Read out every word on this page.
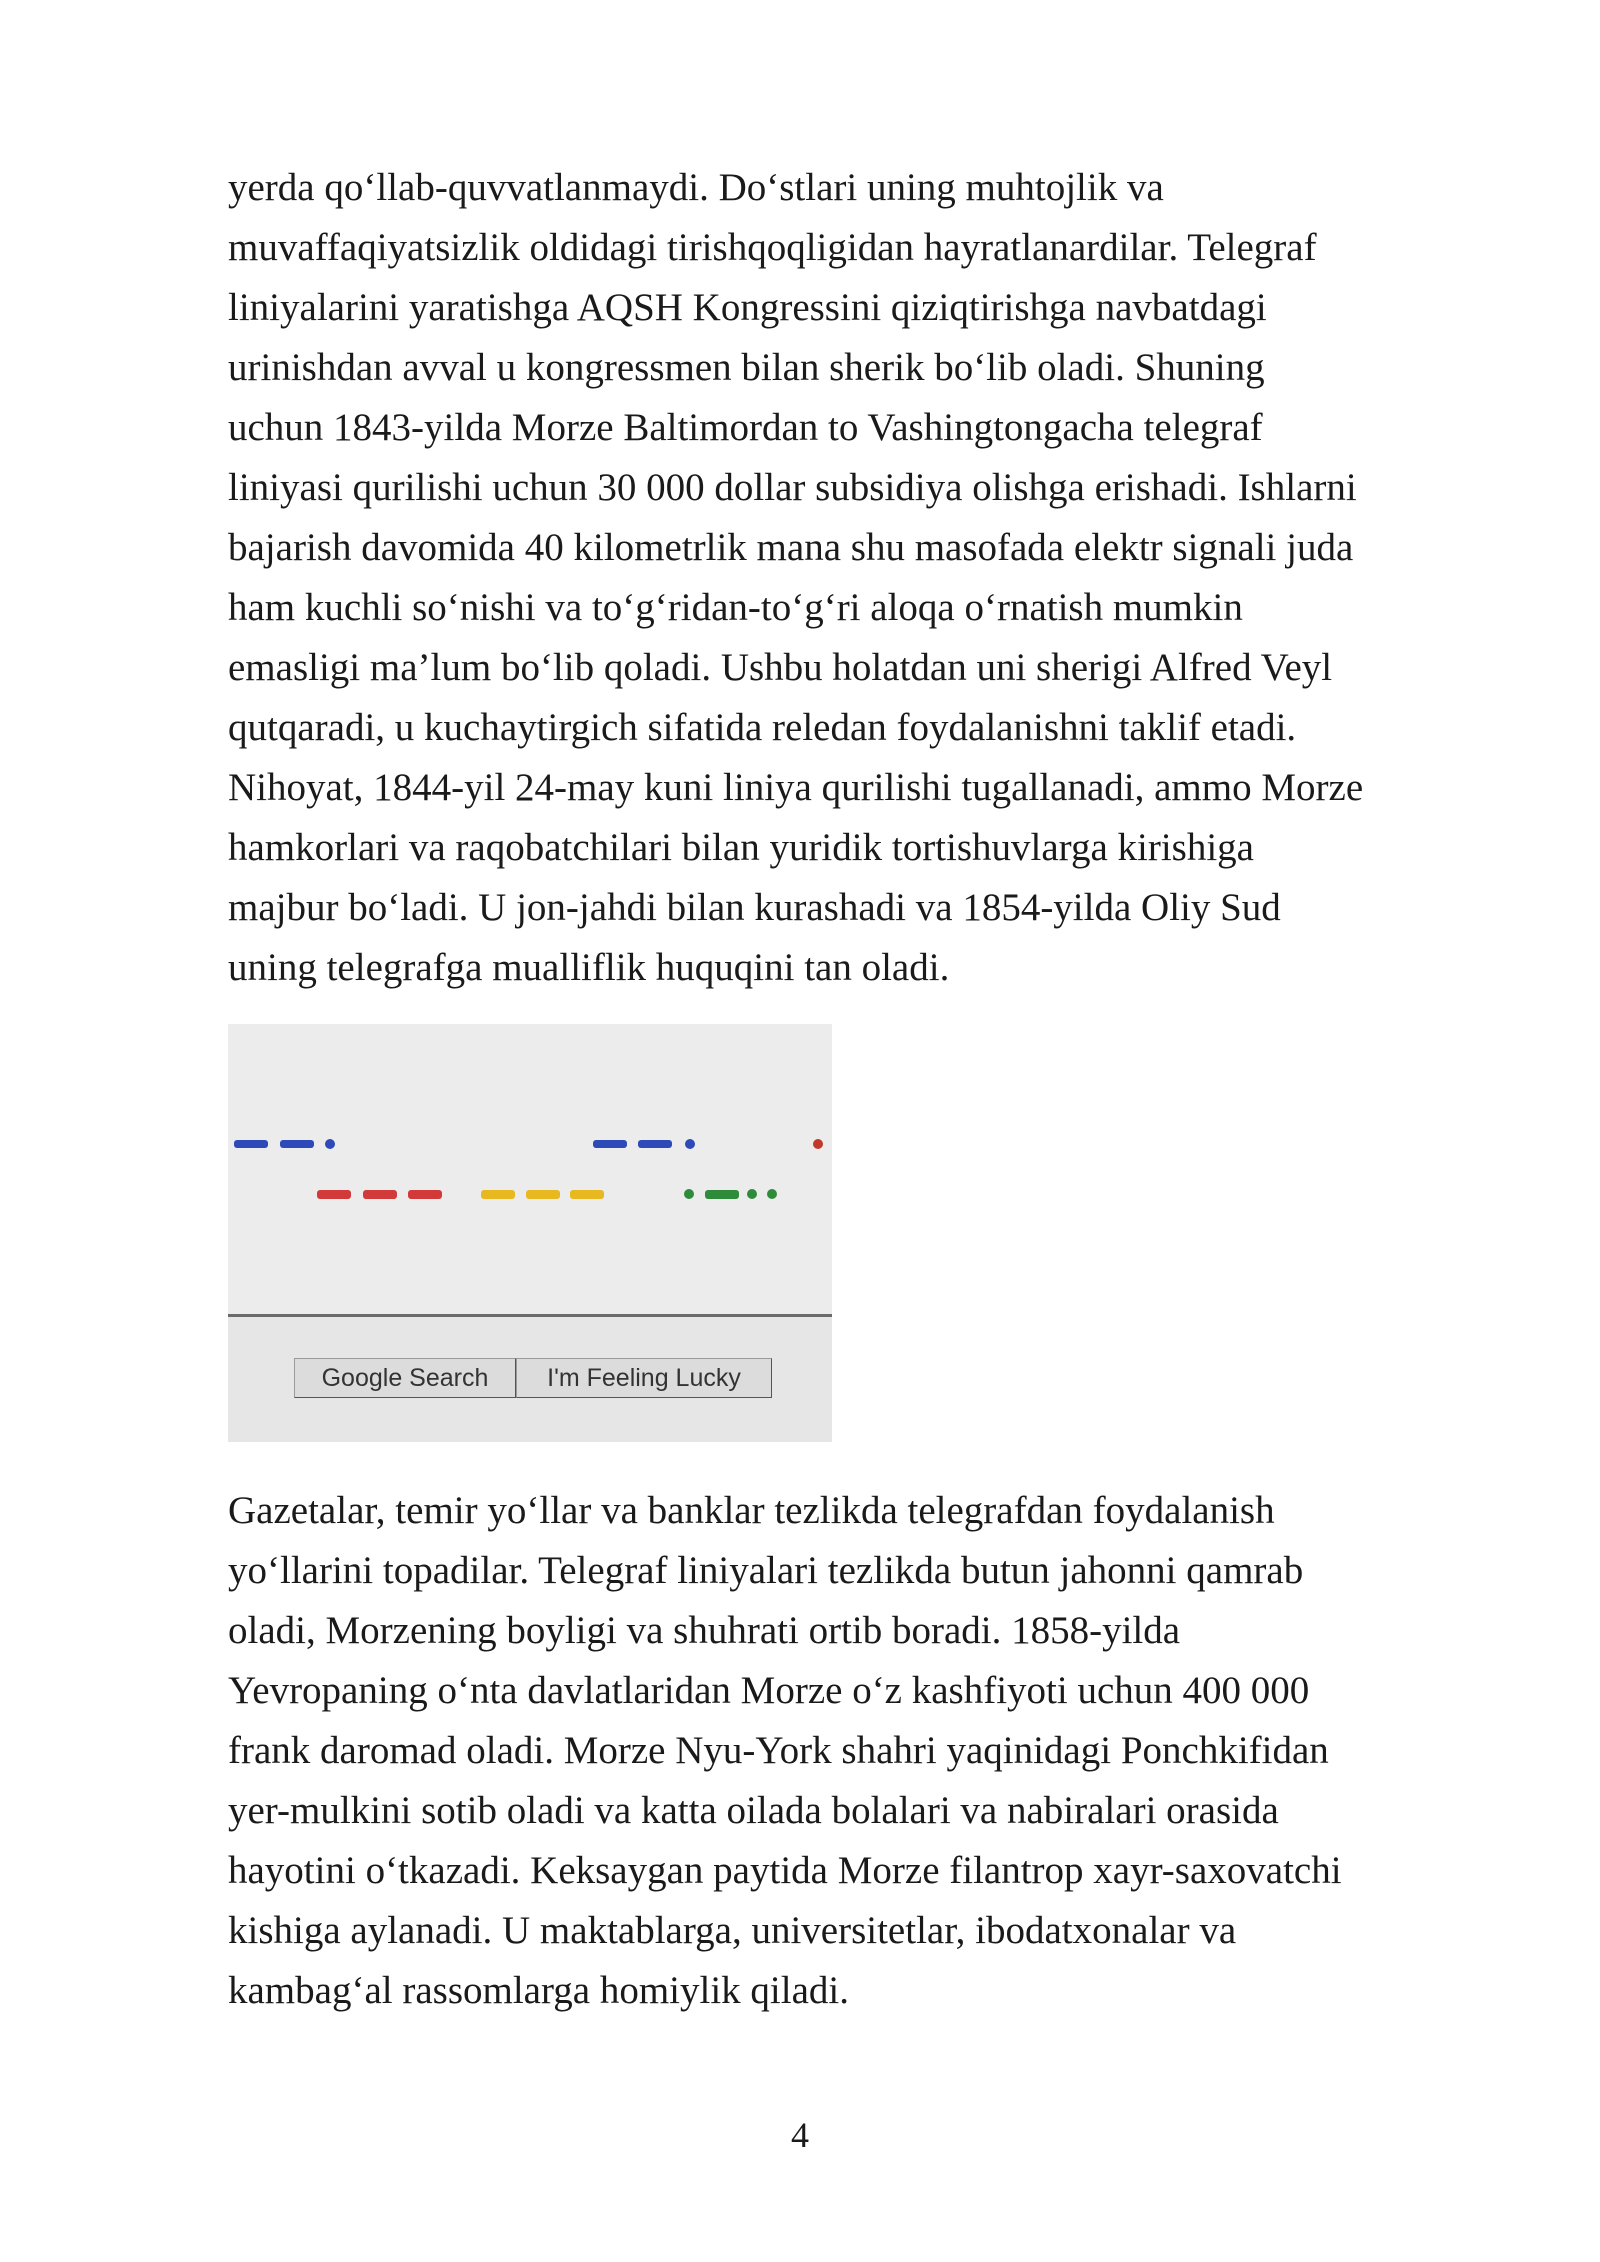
yerda qo‘llab-quvvatlanmaydi. Do‘stlari uning muhtojlik va
muvaffaqiyatsizlik oldidagi tirishqoqligidan hayratlanardilar. Telegraf
liniyalarini yaratishga AQSH Kongressini qiziqtirishga navbatdagi
urinishdan avval u kongressmen bilan sherik bo‘lib oladi. Shuning
uchun 1843-yilda Morze Baltimordan to Vashingtongacha telegraf
liniyasi qurilishi uchun 30 000 dollar subsidiya olishga erishadi. Ishlarni
bajarish davomida 40 kilometrlik mana shu masofada elektr signali juda
ham kuchli so‘nishi va to‘g‘ridan-to‘g‘ri aloqa o‘rnatish mumkin
emasligi ma’lum bo‘lib qoladi. Ushbu holatdan uni sherigi Alfred Veyl
qutqaradi, u kuchaytirgich sifatida reledan foydalanishni taklif etadi.
Nihoyat, 1844-yil 24-may kuni liniya qurilishi tugallanadi, ammo Morze
hamkorlari va raqobatchilari bilan yuridik tortishuvlarga kirishiga
majbur bo‘ladi. U jon-jahdi bilan kurashadi va 1854-yilda Oliy Sud
uning telegrafga mualliflik huquqini tan oladi.
Google Search	I'm Feeling Lucky
Gazetalar, temir yo‘llar va banklar tezlikda telegrafdan foydalanish
yo‘llarini topadilar. Telegraf liniyalari tezlikda butun jahonni qamrab
oladi, Morzening boyligi va shuhrati ortib boradi. 1858-yilda
Yevropaning o‘nta davlatlaridan Morze o‘z kashfiyoti uchun 400 000
frank daromad oladi. Morze Nyu-York shahri yaqinidagi Ponchkifidan
yer-mulkini sotib oladi va katta oilada bolalari va nabiralari orasida
hayotini o‘tkazadi. Keksaygan paytida Morze filantrop xayr-saxovatchi
kishiga aylanadi. U maktablarga, universitetlar, ibodatxonalar va
kambag‘al rassomlarga homiylik qiladi.
4
